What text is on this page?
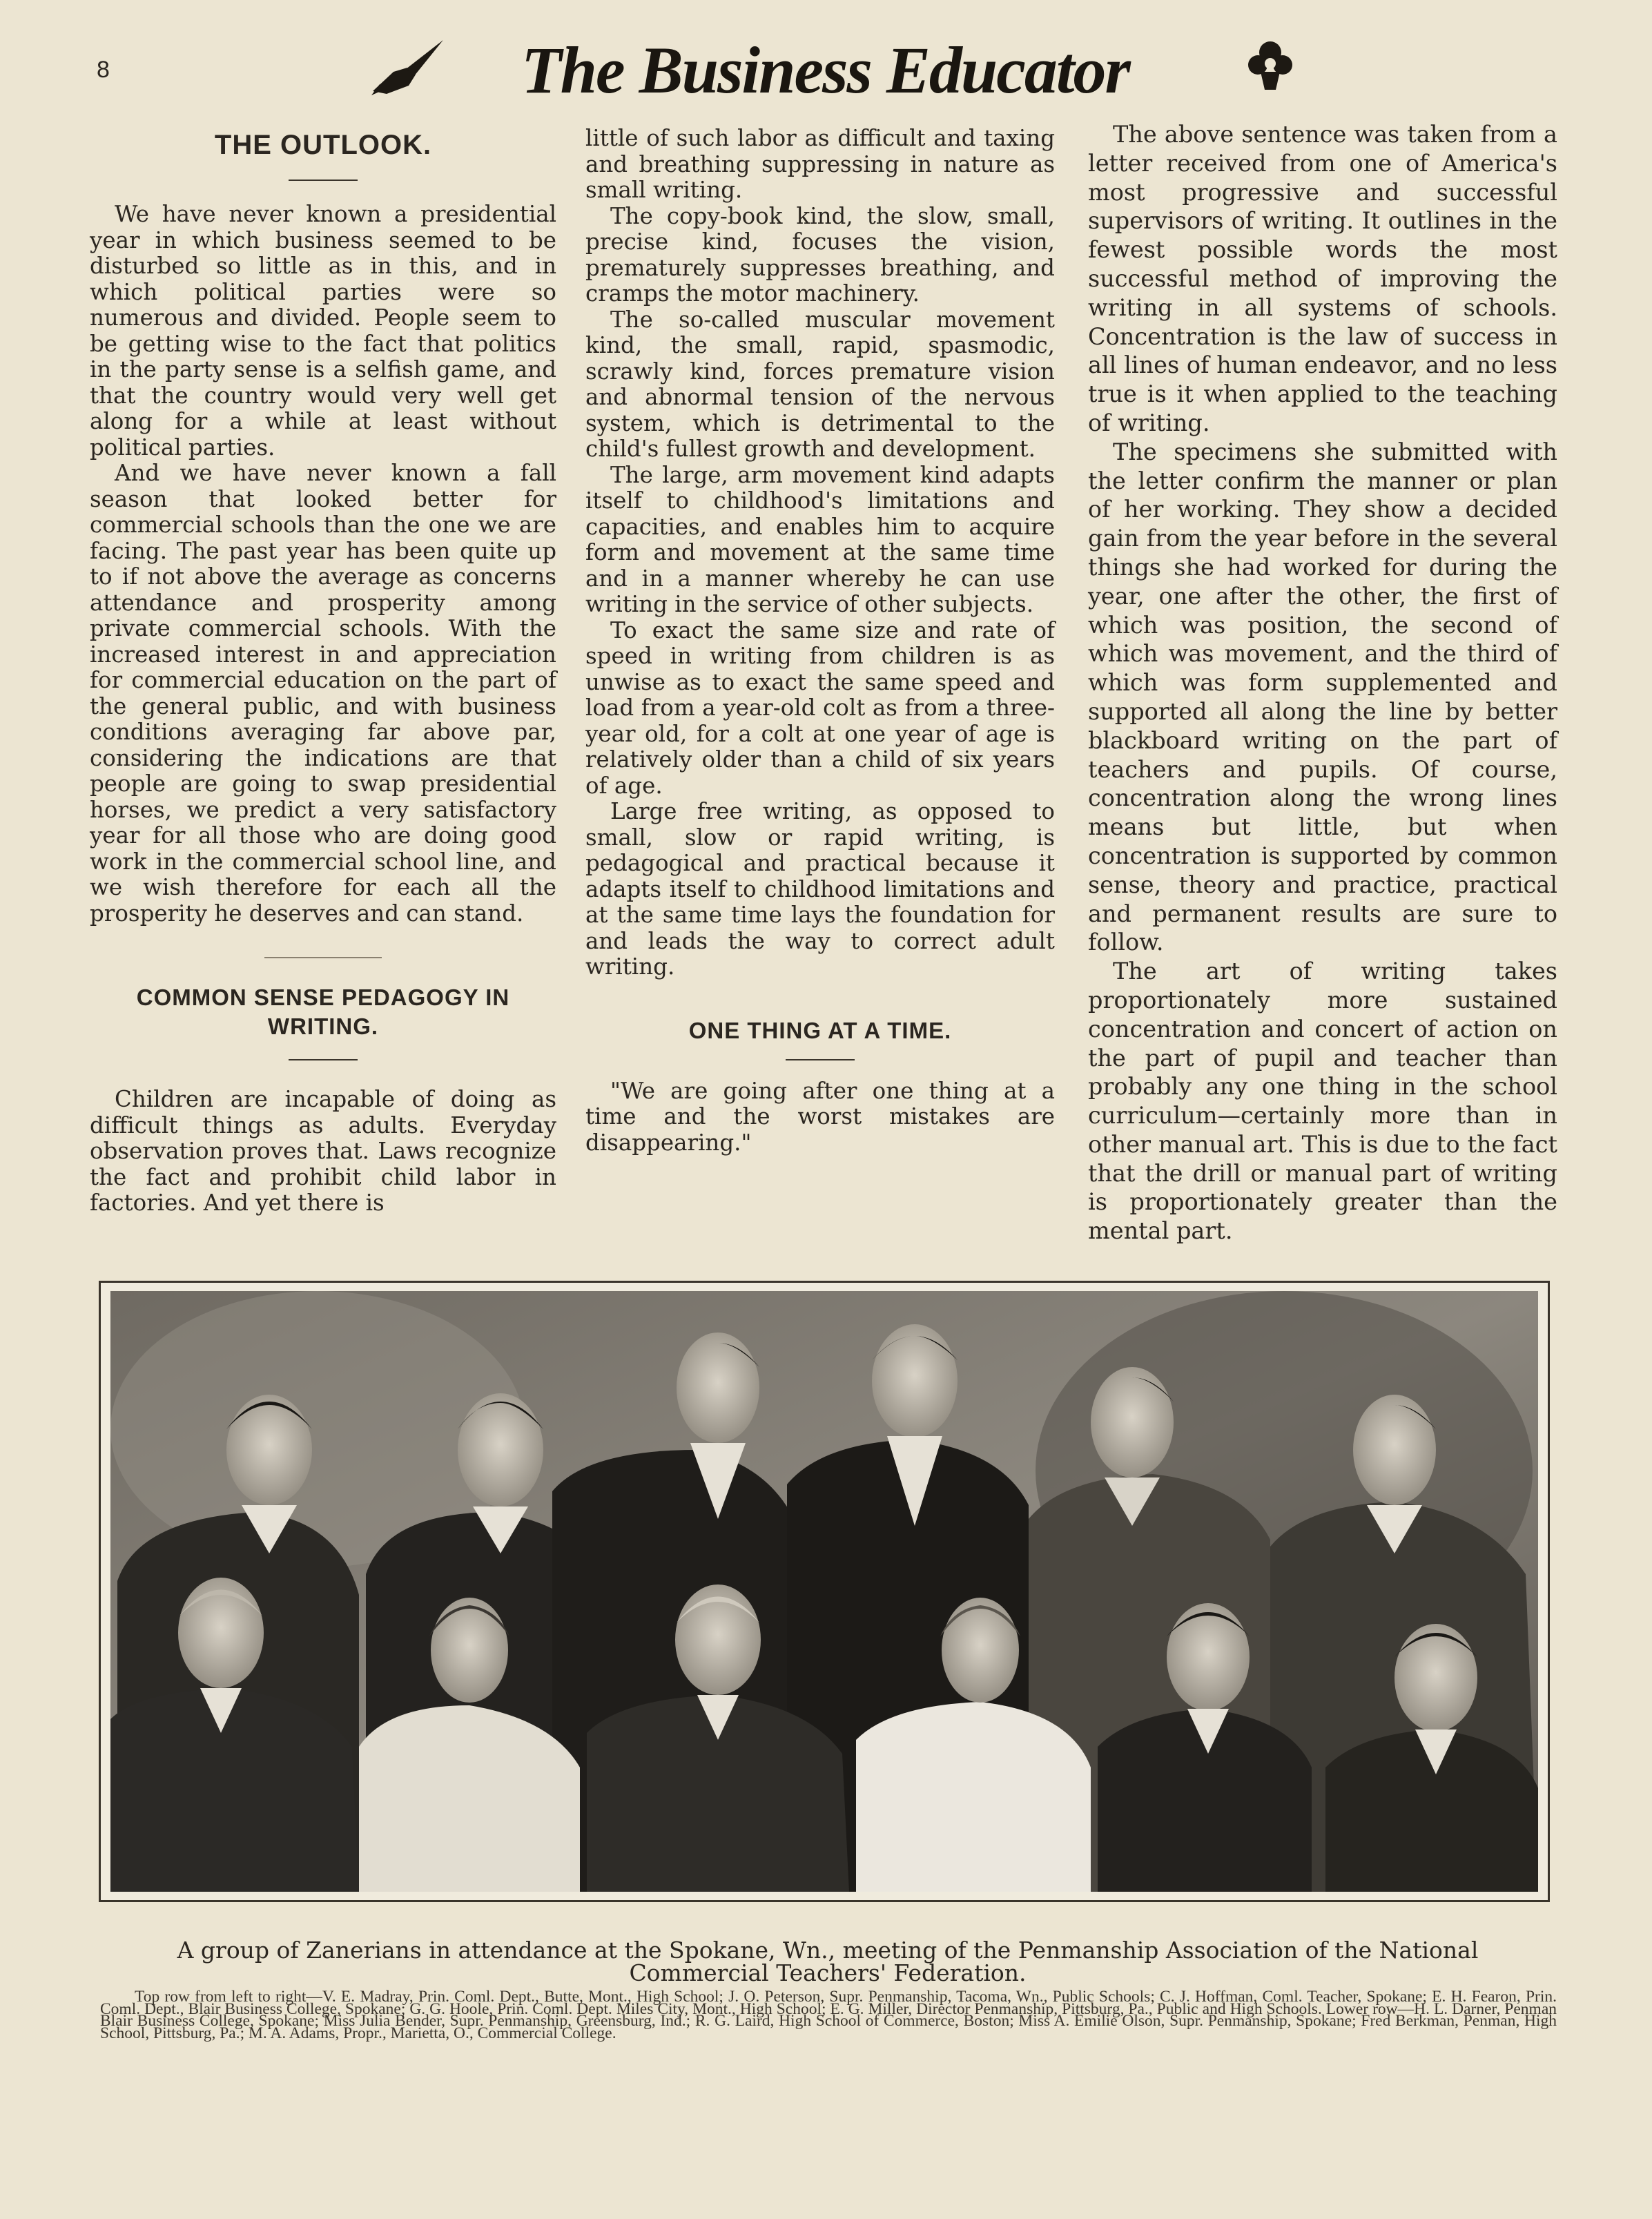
8	The Business Educator
THE OUTLOOK.

We have never known a presidential year in which business seemed to be disturbed so little as in this, and in which political parties were so numerous and divided. People seem to be getting wise to the fact that politics in the party sense is a selfish game, and that the country would very well get along for a while at least without political parties.

And we have never known a fall season that looked better for commercial schools than the one we are facing. The past year has been quite up to if not above the average as concerns attendance and prosperity among private commercial schools. With the increased interest in and appreciation for commercial education on the part of the general public, and with business conditions averaging far above par, considering the indications are that people are going to swap presidential horses, we predict a very satisfactory year for all those who are doing good work in the commercial school line, and we wish therefore for each all the prosperity he deserves and can stand.

COMMON SENSE PEDAGOGY IN
WRITING.

Children are incapable of doing as difficult things as adults. Everyday observation proves that. Laws recognize the fact and prohibit child labor in factories. And yet there is

little of such labor as difficult and taxing and breathing suppressing in nature as small writing.

The copy-book kind, the slow, small, precise kind, focuses the vision, prematurely suppresses breathing, and cramps the motor machinery.

The so-called muscular movement kind, the small, rapid, spasmodic, scrawly kind, forces premature vision and abnormal tension of the nervous system, which is detrimental to the child's fullest growth and development.

The large, arm movement kind adapts itself to childhood's limitations and capacities, and enables him to acquire form and movement at the same time and in a manner whereby he can use writing in the service of other subjects.

To exact the same size and rate of speed in writing from children is as unwise as to exact the same speed and load from a year-old colt as from a three-year old, for a colt at one year of age is relatively older than a child of six years of age.

Large free writing, as opposed to small, slow or rapid writing, is pedagogical and practical because it adapts itself to childhood limitations and at the same time lays the foundation for and leads the way to correct adult writing.

ONE THING AT A TIME.

"We are going after one thing at a time and the worst mistakes are disappearing."

The above sentence was taken from a letter received from one of America's most progressive and successful supervisors of writing. It outlines in the fewest possible words the most successful method of improving the writing in all systems of schools. Concentration is the law of success in all lines of human endeavor, and no less true is it when applied to the teaching of writing.

The specimens she submitted with the letter confirm the manner or plan of her working. They show a decided gain from the year before in the several things she had worked for during the year, one after the other, the first of which was position, the second of which was movement, and the third of which was form supplemented and supported all along the line by better blackboard writing on the part of teachers and pupils. Of course, concentration along the wrong lines means but little, but when concentration is supported by common sense, theory and practice, practical and permanent results are sure to follow.

The art of writing takes proportionately more sustained concentration and concert of action on the part of pupil and teacher than probably any one thing in the school curriculum—certainly more than in other manual art. This is due to the fact that the drill or manual part of writing is proportionately greater than the mental part.

A group of Zanerians in attendance at the Spokane, Wn., meeting of the Penmanship Association of the National
Commercial Teachers' Federation.
Top row from left to right—V. E. Madray, Prin. Coml. Dept., Butte, Mont., High School; J. O. Peterson, Supr. Penmanship, Tacoma, Wn., Public Schools; C. J. Hoffman, Coml. Teacher, Spokane; E. H. Fearon, Prin. Coml. Dept., Blair Business College, Spokane; G. G. Hoole, Prin. Coml. Dept. Miles City, Mont., High School; E. G. Miller, Director Penmanship, Pittsburg, Pa., Public and High Schools. Lower row—H. L. Darner, Penman Blair Business College, Spokane; Miss Julia Bender, Supr. Penmanship, Greensburg, Ind.; R. G. Laird, High School of Commerce, Boston; Miss A. Emilie Olson, Supr. Penmanship, Spokane; Fred Berkman, Penman, High School, Pittsburg, Pa.; M. A. Adams, Propr., Marietta, O., Commercial College.
